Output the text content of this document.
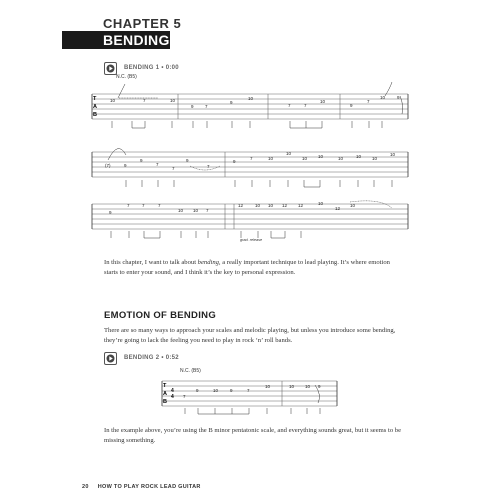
CHAPTER 5
BENDING
BENDING 1 • 0:00
N.C. (B5)
T
A
B
10	7	10
9	7
9
10
7	7
10
9
7
10	9
(7)	9
9
7
7
9
7
9
7	10
10
10 10	10	10 10
10
9
7	7	7
10 10 7
12	10 10 12 12	10
12
10
grad. release
In this chapter, I want to talk about bending, a really important technique to lead playing. It’s where emotion starts to enter your sound, and I think it’s the key to personal expression.
EMOTION OF BENDING
There are so many ways to approach your scales and melodic playing, but unless you introduce some bending, they’re going to lack the feeling you need to play in rock ‘n’ roll bands.
BENDING 2 • 0:52
N.C. (B5)
T
A
B
4
4 7
9	10	9	7
10	10 10 9
In the example above, you’re using the B minor pentatonic scale, and everything sounds great, but it seems to be missing something.
20 HOW TO PLAY ROCK LEAD GUITAR
